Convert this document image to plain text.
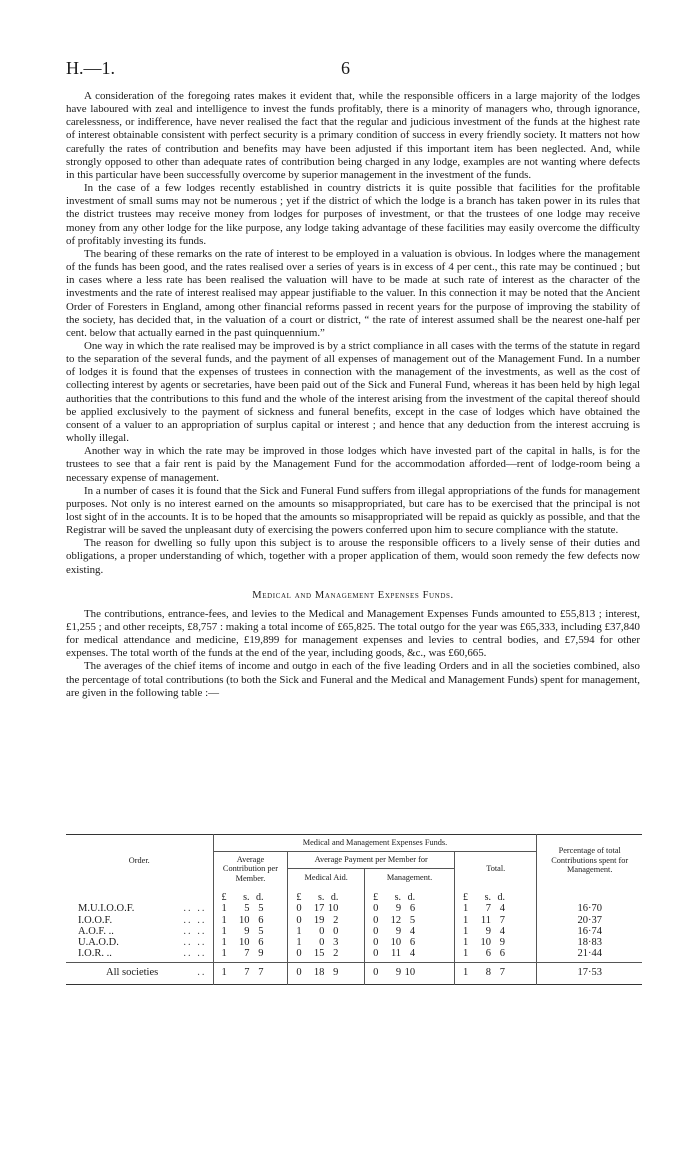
H.—1.	6

A consideration of the foregoing rates makes it evident that, while the responsible officers in a large majority of the lodges have laboured with zeal and intelligence to invest the funds profitably, there is a minority of managers who, through ignorance, carelessness, or indifference, have never realised the fact that the regular and judicious investment of the funds at the highest rate of interest obtainable consistent with perfect security is a primary condition of success in every friendly society. It matters not how carefully the rates of contribution and benefits may have been adjusted if this important item has been neglected. And, while strongly opposed to other than adequate rates of contribution being charged in any lodge, examples are not wanting where defects in this particular have been successfully overcome by superior management in the investment of the funds.

In the case of a few lodges recently established in country districts it is quite possible that facilities for the profitable investment of small sums may not be numerous ; yet if the district of which the lodge is a branch has taken power in its rules that the district trustees may receive money from lodges for purposes of investment, or that the trustees of one lodge may receive money from any other lodge for the like purpose, any lodge taking advantage of these facilities may easily overcome the difficulty of profitably investing its funds.

The bearing of these remarks on the rate of interest to be employed in a valuation is obvious. In lodges where the management of the funds has been good, and the rates realised over a series of years is in excess of 4 per cent., this rate may be continued ; but in cases where a less rate has been realised the valuation will have to be made at such rate of interest as the character of the investments and the rate of interest realised may appear justifiable to the valuer. In this connection it may be noted that the Ancient Order of Foresters in England, among other financial reforms passed in recent years for the purpose of improving the stability of the society, has decided that, in the valuation of a court or district, “ the rate of interest assumed shall be the nearest one-half per cent. below that actually earned in the past quinquennium.”

One way in which the rate realised may be improved is by a strict compliance in all cases with the terms of the statute in regard to the separation of the several funds, and the payment of all expenses of management out of the Management Fund. In a number of lodges it is found that the expenses of trustees in connection with the management of the investments, as well as the cost of collecting interest by agents or secretaries, have been paid out of the Sick and Funeral Fund, whereas it has been held by high legal authorities that the contributions to this fund and the whole of the interest arising from the investment of the capital thereof should be applied exclusively to the payment of sickness and funeral benefits, except in the case of lodges which have obtained the consent of a valuer to an appropriation of surplus capital or interest ; and hence that any deduction from the interest accruing is wholly illegal.

Another way in which the rate may be improved in those lodges which have invested part of the capital in halls, is for the trustees to see that a fair rent is paid by the Management Fund for the accommodation afforded—rent of lodge-room being a necessary expense of management.

In a number of cases it is found that the Sick and Funeral Fund suffers from illegal appropriations of the funds for management purposes. Not only is no interest earned on the amounts so misappropriated, but care has to be exercised that the principal is not lost sight of in the accounts. It is to be hoped that the amounts so misappropriated will be repaid as quickly as possible, and that the Registrar will be saved the unpleasant duty of exercising the powers conferred upon him to secure compliance with the statute.

The reason for dwelling so fully upon this subject is to arouse the responsible officers to a lively sense of their duties and obligations, a proper understanding of which, together with a proper application of them, would soon remedy the few defects now existing.

Medical and Management Expenses Funds.

The contributions, entrance-fees, and levies to the Medical and Management Expenses Funds amounted to £55,813 ; interest, £1,255 ; and other receipts, £8,757 : making a total income of £65,825. The total outgo for the year was £65,333, including £37,840 for medical attendance and medicine, £19,899 for management expenses and levies to central bodies, and £7,594 for other expenses. The total worth of the funds at the end of the year, including goods, &c., was £60,665.

The averages of the chief items of income and outgo in each of the five leading Orders and in all the societies combined, also the percentage of total contributions (to both the Sick and Funeral and the Medical and Management Funds) spent for management, are given in the following table :—

Order.		Medical and Management Expenses Funds.				Percentage of total Contributions spent for Management.
		Average Contribution per Member.	Average Payment per Member for		Total.	
			Medical Aid.	Management.		
		£ s. d.	£ s. d.	£ s. d.	£ s. d.	
M.U.I.O.O.F.	.. ..	1 5 5	0 17 10	0 9 6	1 7 4	16·70
I.O.O.F.	.. ..	1 10 6	0 19 2	0 12 5	1 11 7	20·37
A.O.F. ..	.. ..	1 9 5	1 0 0	0 9 4	1 9 4	16·74
U.A.O.D.	.. ..	1 10 6	1 0 3	0 10 6	1 10 9	18·83
I.O.R. ..	.. ..	1 7 9	0 15 2	0 11 4	1 6 6	21·44

All societies	..	1 7 7	0 18 9	0 9 10	1 8 7	17·53
